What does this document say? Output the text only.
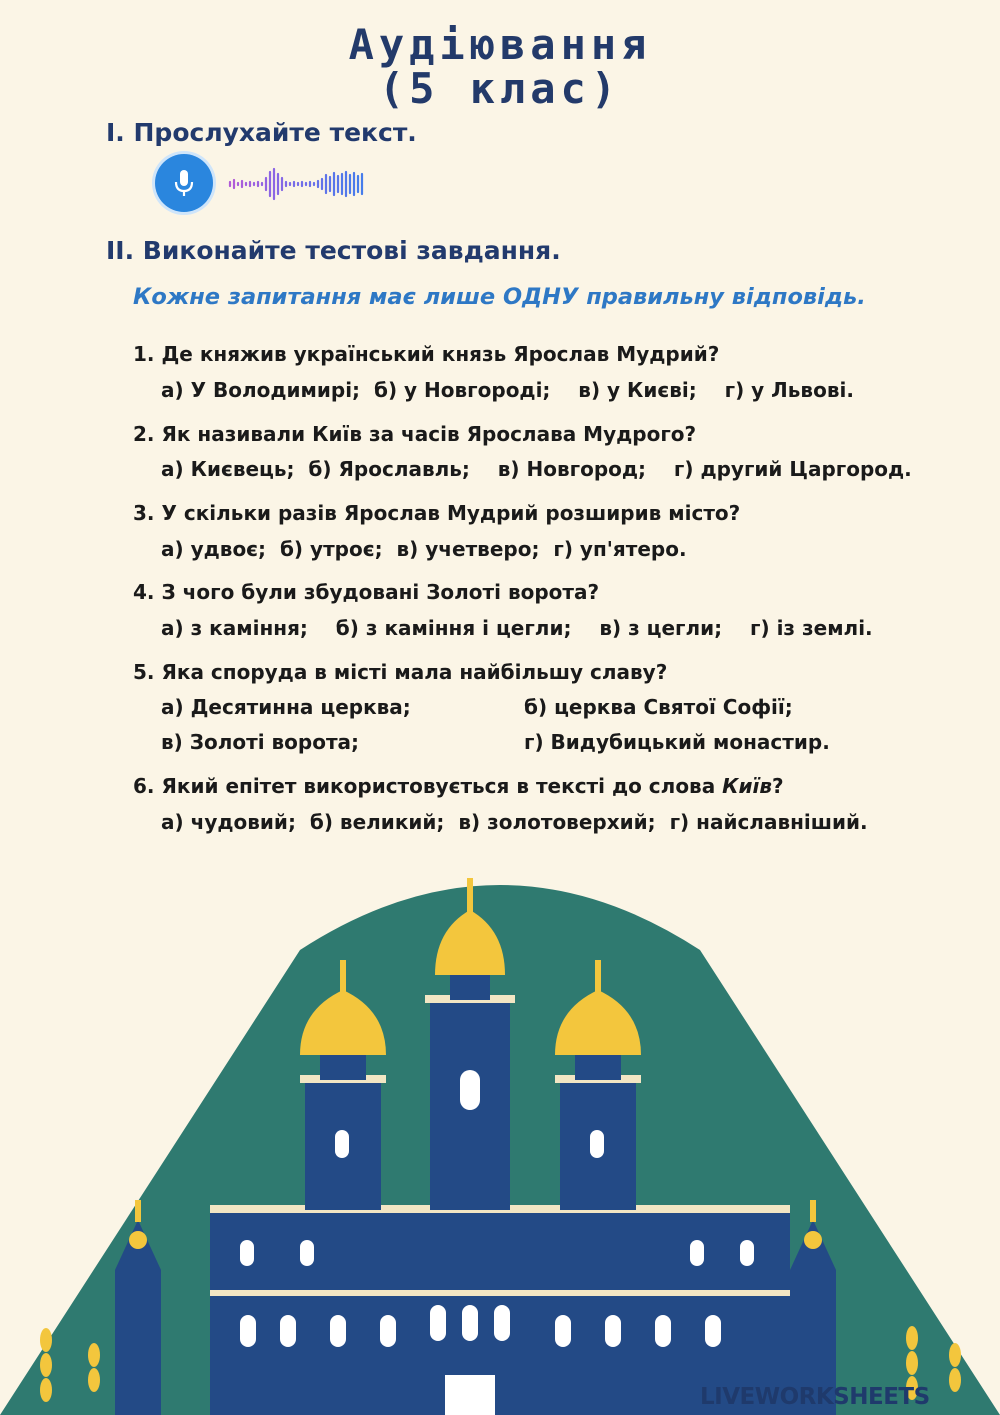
Аудіювання
(5 клас)
I. Прослухайте текст.
II. Виконайте тестові завдання.
Кожне запитання має лише ОДНУ правильну відповідь.
1. Де княжив український князь Ярослав Мудрий?
а) У Володимирі;  б) у Новгороді;    в) у Києві;    г) у Львові.
2. Як називали Київ за часів Ярослава Мудрого?
а) Києвець;  б) Ярославль;    в) Новгород;    г) другий Царгород.
3. У скільки разів Ярослав Мудрий розширив місто?
а) удвоє;  б) утроє;  в) учетверо;  г) уп'ятеро.
4. З чого були збудовані Золоті ворота?
а) з каміння;    б) з каміння і цегли;    в) з цегли;    г) із землі.
5. Яка споруда в місті мала найбільшу славу?
а) Десятинна церква;	б) церква Святої Софії;
в) Золоті ворота;	г) Видубицький монастир.
6. Який епітет використовується в тексті до слова Київ?
а) чудовий;  б) великий;  в) золотоверхий;  г) найславніший.
LIVEWORKSHEETS
